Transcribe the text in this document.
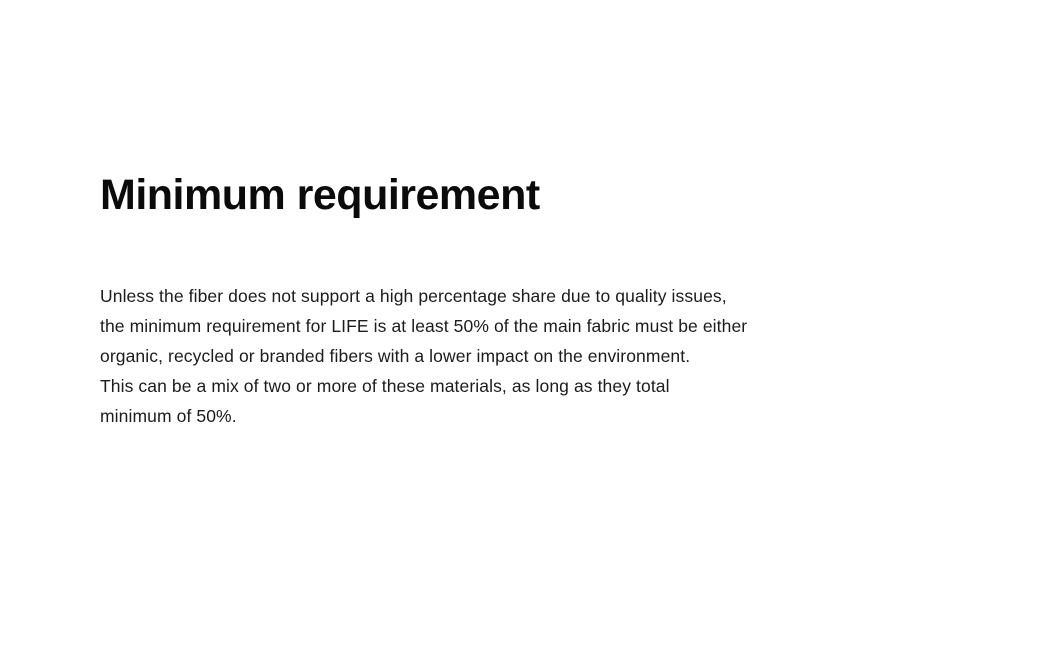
Minimum requirement
Unless the fiber does not support a high percentage share due to quality issues,
the minimum requirement for LIFE is at least 50% of the main fabric must be either
organic, recycled or branded fibers with a lower impact on the environment.
This can be a mix of two or more of these materials, as long as they total
minimum of 50%.
